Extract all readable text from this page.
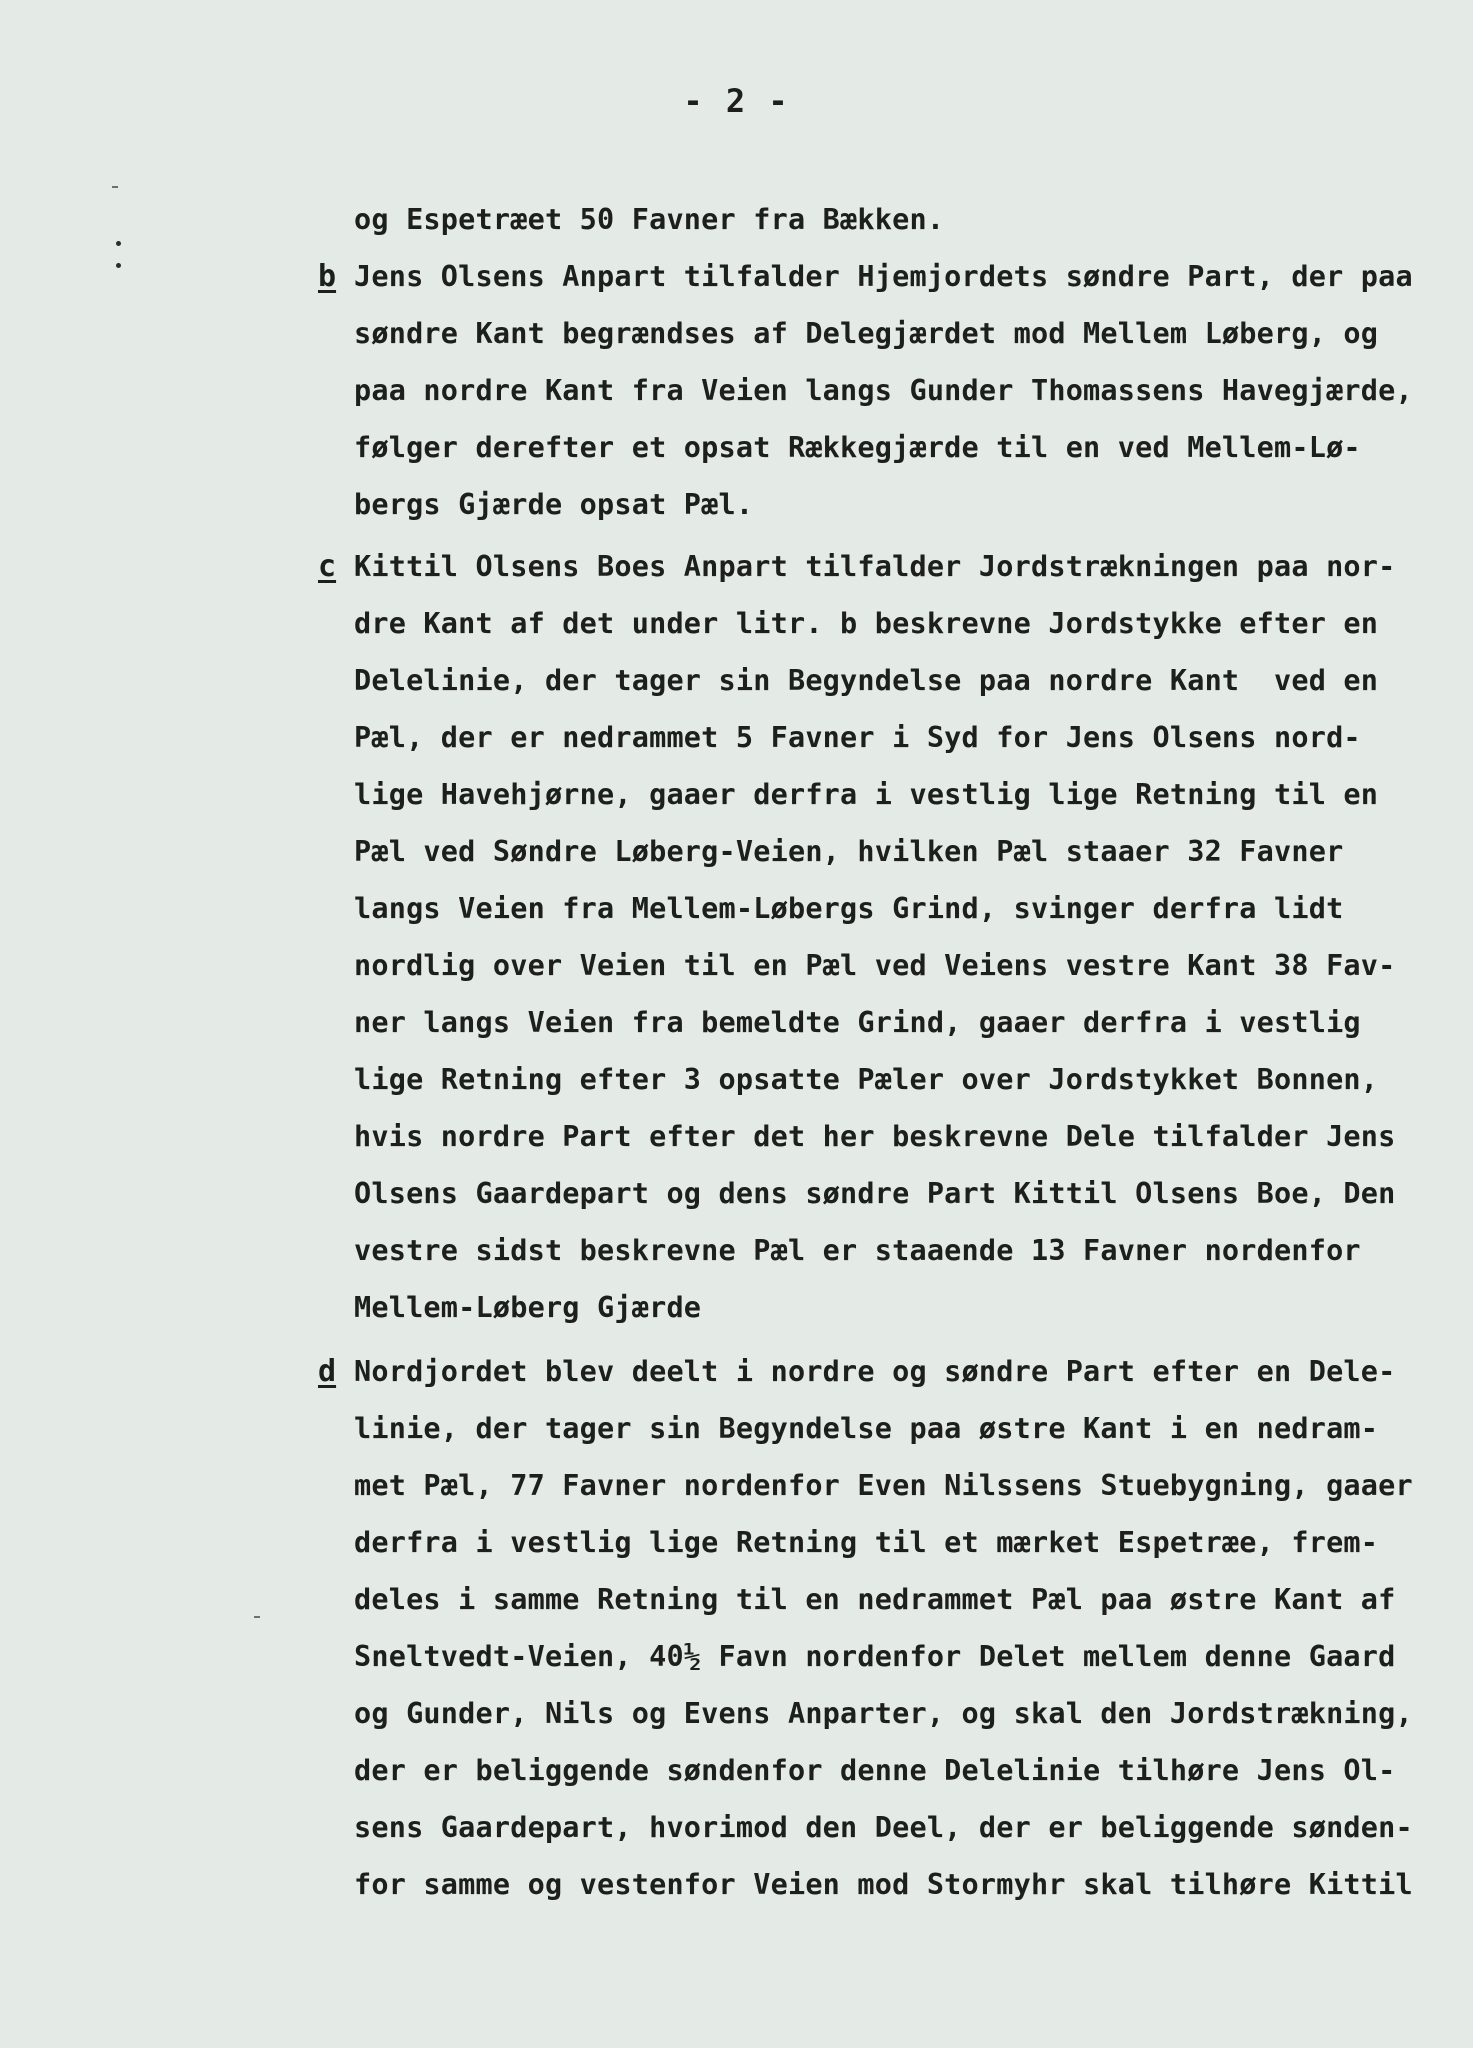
- 2 -
og Espetræet 50 Favner fra Bækken.
b Jens Olsens Anpart tilfalder Hjemjordets søndre Part, der paa
søndre Kant begrændses af Delegjærdet mod Mellem Løberg, og
paa nordre Kant fra Veien langs Gunder Thomassens Havegjærde,
følger derefter et opsat Rækkegjærde til en ved Mellem-Lø-
bergs Gjærde opsat Pæl.
c Kittil Olsens Boes Anpart tilfalder Jordstrækningen paa nor-
dre Kant af det under litr. b beskrevne Jordstykke efter en
Delelinie, der tager sin Begyndelse paa nordre Kant  ved en
Pæl, der er nedrammet 5 Favner i Syd for Jens Olsens nord-
lige Havehjørne, gaaer derfra i vestlig lige Retning til en
Pæl ved Søndre Løberg-Veien, hvilken Pæl staaer 32 Favner
langs Veien fra Mellem-Løbergs Grind, svinger derfra lidt
nordlig over Veien til en Pæl ved Veiens vestre Kant 38 Fav-
ner langs Veien fra bemeldte Grind, gaaer derfra i vestlig
lige Retning efter 3 opsatte Pæler over Jordstykket Bonnen,
hvis nordre Part efter det her beskrevne Dele tilfalder Jens
Olsens Gaardepart og dens søndre Part Kittil Olsens Boe, Den
vestre sidst beskrevne Pæl er staaende 13 Favner nordenfor
Mellem-Løberg Gjærde
d Nordjordet blev deelt i nordre og søndre Part efter en Dele-
linie, der tager sin Begyndelse paa østre Kant i en nedram-
met Pæl, 77 Favner nordenfor Even Nilssens Stuebygning, gaaer
derfra i vestlig lige Retning til et mærket Espetræe, frem-
deles i samme Retning til en nedrammet Pæl paa østre Kant af
Sneltvedt-Veien, 40½ Favn nordenfor Delet mellem denne Gaard
og Gunder, Nils og Evens Anparter, og skal den Jordstrækning,
der er beliggende søndenfor denne Delelinie tilhøre Jens Ol-
sens Gaardepart, hvorimod den Deel, der er beliggende sønden-
for samme og vestenfor Veien mod Stormyhr skal tilhøre Kittil
